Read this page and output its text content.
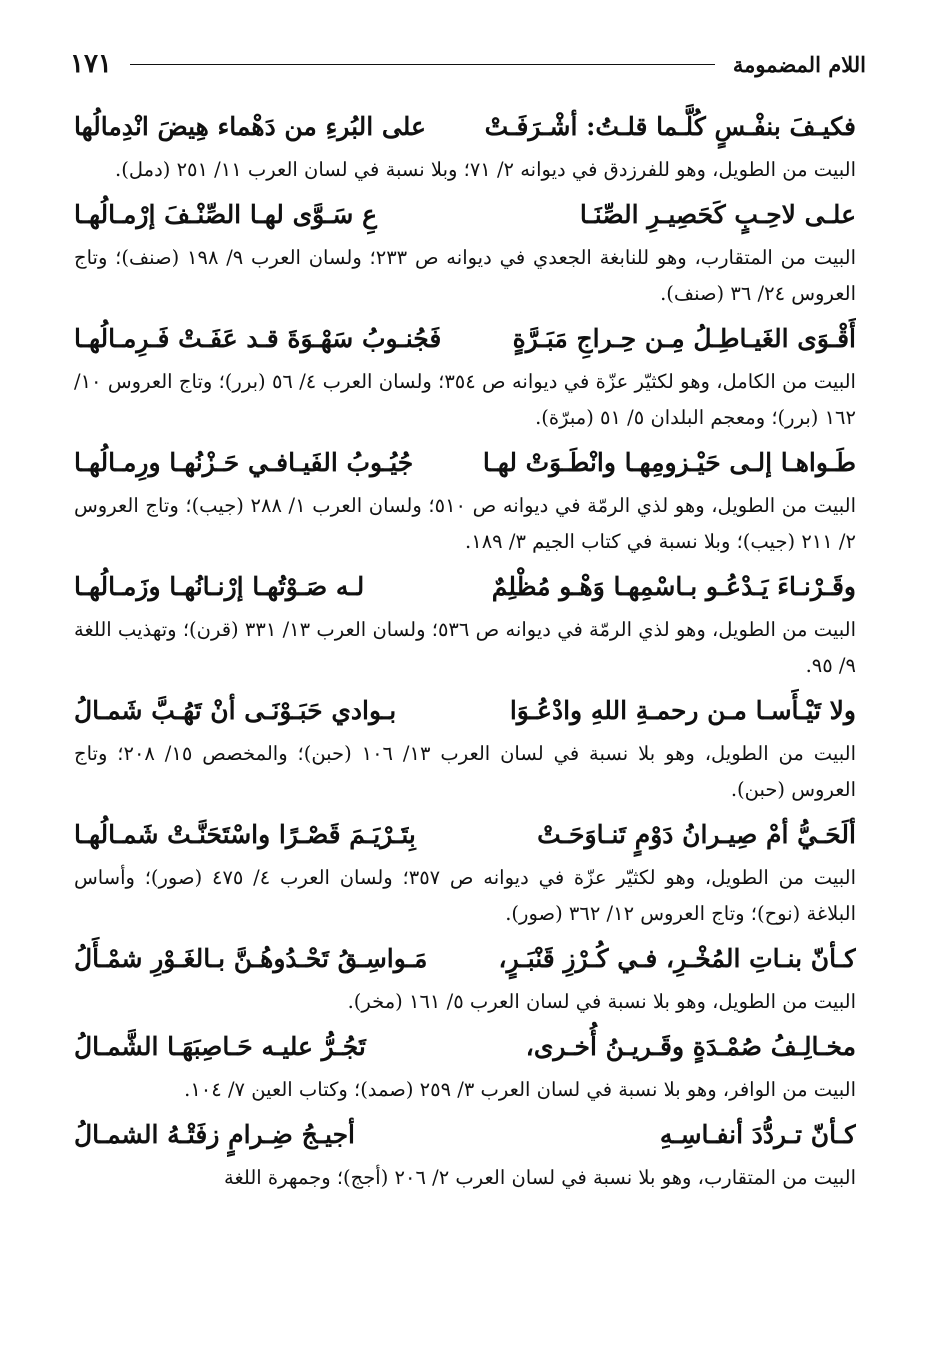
اللام المضمومة
١٧١
فكيـفَ بنفْـسٍ كُلَّـما قلـتُ: أشْـرَفَـتْ
على البُرءِ من دَهْماء هِيضَ انْدِمالُها

البيت من الطويل، وهو للفرزدق في ديوانه ٢/ ٧١؛ وبلا نسبة في لسان العرب ١١/ ٢٥١ (دمل).

علـى لاحِـبٍ كَحَصِيـرِ الصِّنَـا
عِ سَـوَّى لهـا الصِّنْـفَ إرْمـالُهـا

البيت من المتقارب، وهو للنابغة الجعدي في ديوانه ص ٢٣٣؛ ولسان العرب ٩/ ١٩٨ (صنف)؛ وتاج العروس ٢٤/ ٣٦ (صنف).

أَقْـوَى الغَيـاطِـلُ مِـن حِـراجِ مَبَـرَّةٍ
فَجُنـوبُ سَهْـوَةَ قـد عَفَـتْ فَـرِمـالُهـا

البيت من الكامل، وهو لكثيّر عزّة في ديوانه ص ٣٥٤؛ ولسان العرب ٤/ ٥٦ (برر)؛ وتاج العروس ١٠/ ١٦٢ (برر)؛ ومعجم البلدان ٥/ ٥١ (مبرّة).

طَـواهـا إلـى حَيْـزومِهـا وانْطَـوَتْ لهـا
جُيُـوبُ الفَيـافـي حَـزْنُهـا ورِمـالُهـا

البيت من الطويل، وهو لذي الرمّة في ديوانه ص ٥١٠؛ ولسان العرب ١/ ٢٨٨ (جيب)؛ وتاج العروس ٢/ ٢١١ (جيب)؛ وبلا نسبة في كتاب الجيم ٣/ ١٨٩.

وقَـرْنـاءَ يَـدْعُـو بـاسْمِهـا وَهْـو مُظْلِمٌ
لـه صَـوْتُهـا إرْنـانُهـا وزَمـالُهـا

البيت من الطويل، وهو لذي الرمّة في ديوانه ص ٥٣٦؛ ولسان العرب ١٣/ ٣٣١ (قرن)؛ وتهذيب اللغة ٩/ ٩٥.

ولا تَيْـأَسـا مـن رحمـةِ اللهِ وادْعُـوَا
بـوادي حَبَـوْنَـى أنْ تَهُـبَّ شَمـالُ

البيت من الطويل، وهو بلا نسبة في لسان العرب ١٣/ ١٠٦ (حبن)؛ والمخصص ١٥/ ٢٠٨؛ وتاج العروس (حبن).

ألَحَـيُّ أمْ صِيـرانُ دَوْمٍ تَنـاوَحَـتْ
بِتَـرْيَـمَ قَصْـرًا واسْتَحَنَّـتْ شَمـالُهـا

البيت من الطويل، وهو لكثيّر عزّة في ديوانه ص ٣٥٧؛ ولسان العرب ٤/ ٤٧٥ (صور)؛ وأساس البلاغة (نوح)؛ وتاج العروس ١٢/ ٣٦٢ (صور).

كـأنّ بنـاتِ المُخْـرِ، فـي كُـرْزِ قَنْبَـرٍ،
مَـواسِـقُ تَحْـدُوهُـنَّ بـالغَـوْرِ شمْـأَلُ

البيت من الطويل، وهو بلا نسبة في لسان العرب ٥/ ١٦١ (مخر).

مخـالِـفُ صُمْـدَةٍ وقَـريـنُ أُخـرى،
تَجُـرُّ عليـه حَـاصِبَهَـا الشَّمـالُ

البيت من الوافر، وهو بلا نسبة في لسان العرب ٣/ ٢٥٩ (صمد)؛ وكتاب العين ٧/ ١٠٤.

كـأنّ تـردُّدَ أنفـاسِـهِ
أجيـجُ ضِـرامٍ زفَتْـهُ الشمـالُ

البيت من المتقارب، وهو بلا نسبة في لسان العرب ٢/ ٢٠٦ (أجج)؛ وجمهرة اللغة
